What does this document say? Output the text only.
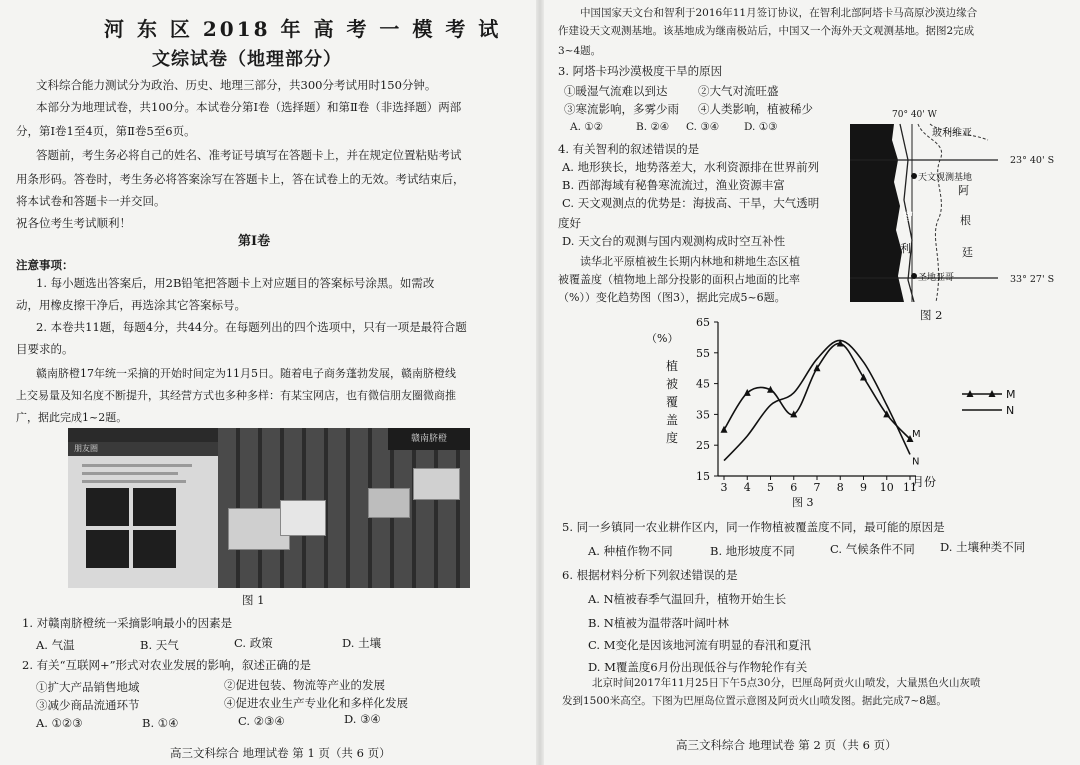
河 东 区 2018 年 高 考 一 模 考 试

文综试卷（地理部分）

文科综合能力测试分为政治、历史、地理三部分，共300分考试用时150分钟。

本部分为地理试卷，共100分。本试卷分第Ⅰ卷（选择题）和第Ⅱ卷（非选择题）两部

分，第Ⅰ卷1至4页，第Ⅱ卷5至6页。

答题前，考生务必将自己的姓名、准考证号填写在答题卡上，并在规定位置粘贴考试

用条形码。答卷时，考生务必将答案涂写在答题卡上，答在试卷上的无效。考试结束后，

将本试卷和答题卡一并交回。

祝各位考生考试顺利！

第Ⅰ卷

注意事项：

1. 每小题选出答案后，用2B铅笔把答题卡上对应题目的答案标号涂黑。如需改

动，用橡皮擦干净后，再选涂其它答案标号。

2. 本卷共11题，每题4分，共44分。在每题列出的四个选项中，只有一项是最符合题

目要求的。

赣南脐橙17年统一采摘的开始时间定为11月5日。随着电子商务蓬勃发展，赣南脐橙线

上交易量及知名度不断提升，其经营方式也多种多样：有某宝网店，也有微信朋友圈微商推

广，据此完成1~2题。

朋友圈
赣南脐橙

图 1

1. 对赣南脐橙统一采摘影响最小的因素是

A. 气温	B. 天气	C. 政策	D. 土壤

2. 有关“互联网+”形式对农业发展的影响，叙述正确的是

①扩大产品销售地域	②促进包装、物流等产业的发展

③减少商品流通环节	④促进农业生产专业化和多样化发展

A. ①②③	B. ①④	C. ②③④	D. ③④

高三文科综合 地理试卷 第 1 页（共 6 页）

中国国家天文台和智利于2016年11月签订协议，在智利北部阿塔卡马高原沙漠边缘合

作建设天文观测基地。该基地成为继南极站后，中国又一个海外天文观测基地。据图2完成

3~4题。

3. 阿塔卡玛沙漠极度干旱的原因

①暖湿气流难以到达	②大气对流旺盛

③寒流影响，多雾少雨 ④人类影响，植被稀少

A. ①②	B. ②④ C. ③④ D. ①③

4. 有关智利的叙述错误的是

A. 地形狭长，地势落差大，水利资源排在世界前列

B. 西部海域有秘鲁寒流流过，渔业资源丰富

C. 天文观测点的优势是：海拔高、干旱，大气透明

度好

D. 天文台的观测与国内观测构成时空互补性

读华北平原植被生长期内林地和耕地生态区植

被覆盖度（植物地上部分投影的面积占地面的比率

（%））变化趋势图（图3），据此完成5~6题。

玻利维亚
天文观测基地
阿
根
廷
智
利
圣地亚哥

70° 40' W

23° 40' S

33° 27' S

图 2

15
25
35
45
55
65
3 4 5 6 7 8 9 10 11
植
被
覆
盖
度	M
M
N
N
（%）
月份
图 3

5. 同一乡镇同一农业耕作区内，同一作物植被覆盖度不同，最可能的原因是

A. 种植作物不同	B. 地形坡度不同	C. 气候条件不同 D. 土壤种类不同

6. 根据材料分析下列叙述错误的是

A. N植被春季气温回升，植物开始生长

B. N植被为温带落叶阔叶林

C. M变化是因该地河流有明显的春汛和夏汛

D. M覆盖度6月份出现低谷与作物轮作有关

北京时间2017年11月25日下午5点30分，巴厘岛阿贡火山喷发，大量黑色火山灰喷

发到1500米高空。下图为巴厘岛位置示意图及阿贡火山喷发图。据此完成7~8题。

高三文科综合 地理试卷 第 2 页（共 6 页）
